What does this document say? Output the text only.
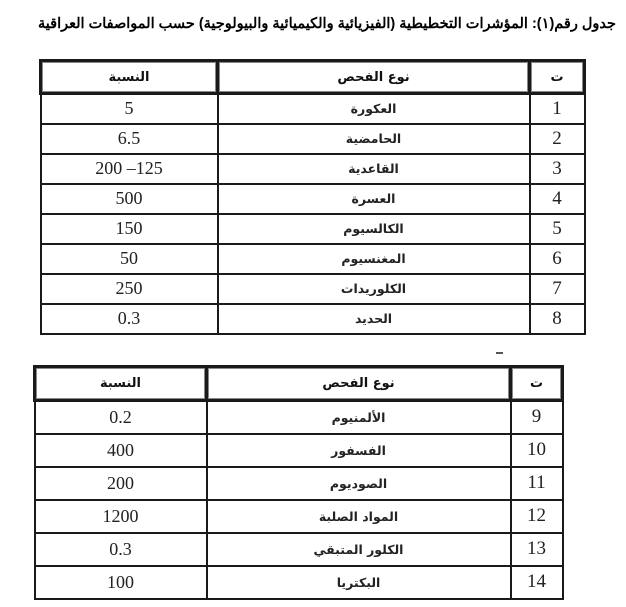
جدول رقم(١): المؤشرات التخطيطية (الفيزيائية والكيميائية والبيولوجية) حسب المواصفات العراقية
ت	نوع الفحص	النسبة
1	العكورة	5
2	الحامضية	6.5
3	القاعدية	200 –125
4	العسرة	500
5	الكالسيوم	150
6	المغنسيوم	50
7	الكلوريدات	250
8	الحديد	0.3
ت	نوع الفحص	النسبة
9	الألمنيوم	0.2
10	الفسفور	400
11	الصوديوم	200
12	المواد الصلبة	1200
13	الكلور المتبقي	0.3
14	البكتريا	100
